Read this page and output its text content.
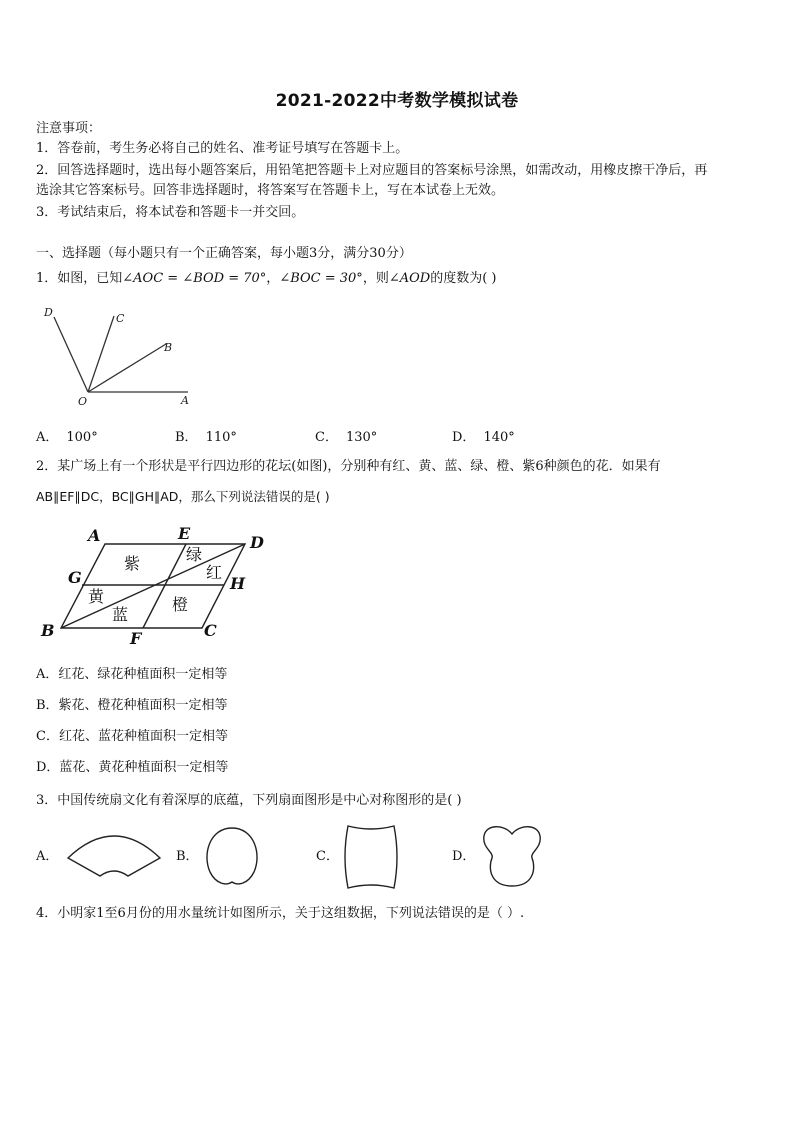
2021-2022中考数学模拟试卷
注意事项：
1．答卷前，考生务必将自己的姓名、准考证号填写在答题卡上。
2．回答选择题时，选出每小题答案后，用铅笔把答题卡上对应题目的答案标号涂黑，如需改动，用橡皮擦干净后，再
选涂其它答案标号。回答非选择题时，将答案写在答题卡上，写在本试卷上无效。
3．考试结束后，将本试卷和答题卡一并交回。
一、选择题（每小题只有一个正确答案，每小题3分，满分30分）
1．如图，已知∠AOC = ∠BOD = 70°，∠BOC = 30°，则∠AOD的度数为( )
D	C
B
O	A
A． 100°	B． 110°	C． 130°	D． 140°
2．某广场上有一个形状是平行四边形的花坛(如图)，分别种有红、黄、蓝、绿、橙、紫6种颜色的花．如果有
AB∥EF∥DC，BC∥GH∥AD，那么下列说法错误的是( )
A	E	D
G	H
B	F	C
紫	绿
红
黄
蓝
橙
A．红花、绿花种植面积一定相等
B．紫花、橙花种植面积一定相等
C．红花、蓝花种植面积一定相等
D．蓝花、黄花种植面积一定相等
3．中国传统扇文化有着深厚的底蕴，下列扇面图形是中心对称图形的是( )
A．	B．	C．	D．
4．小明家1至6月份的用水量统计如图所示，关于这组数据，下列说法错误的是（ ）.
